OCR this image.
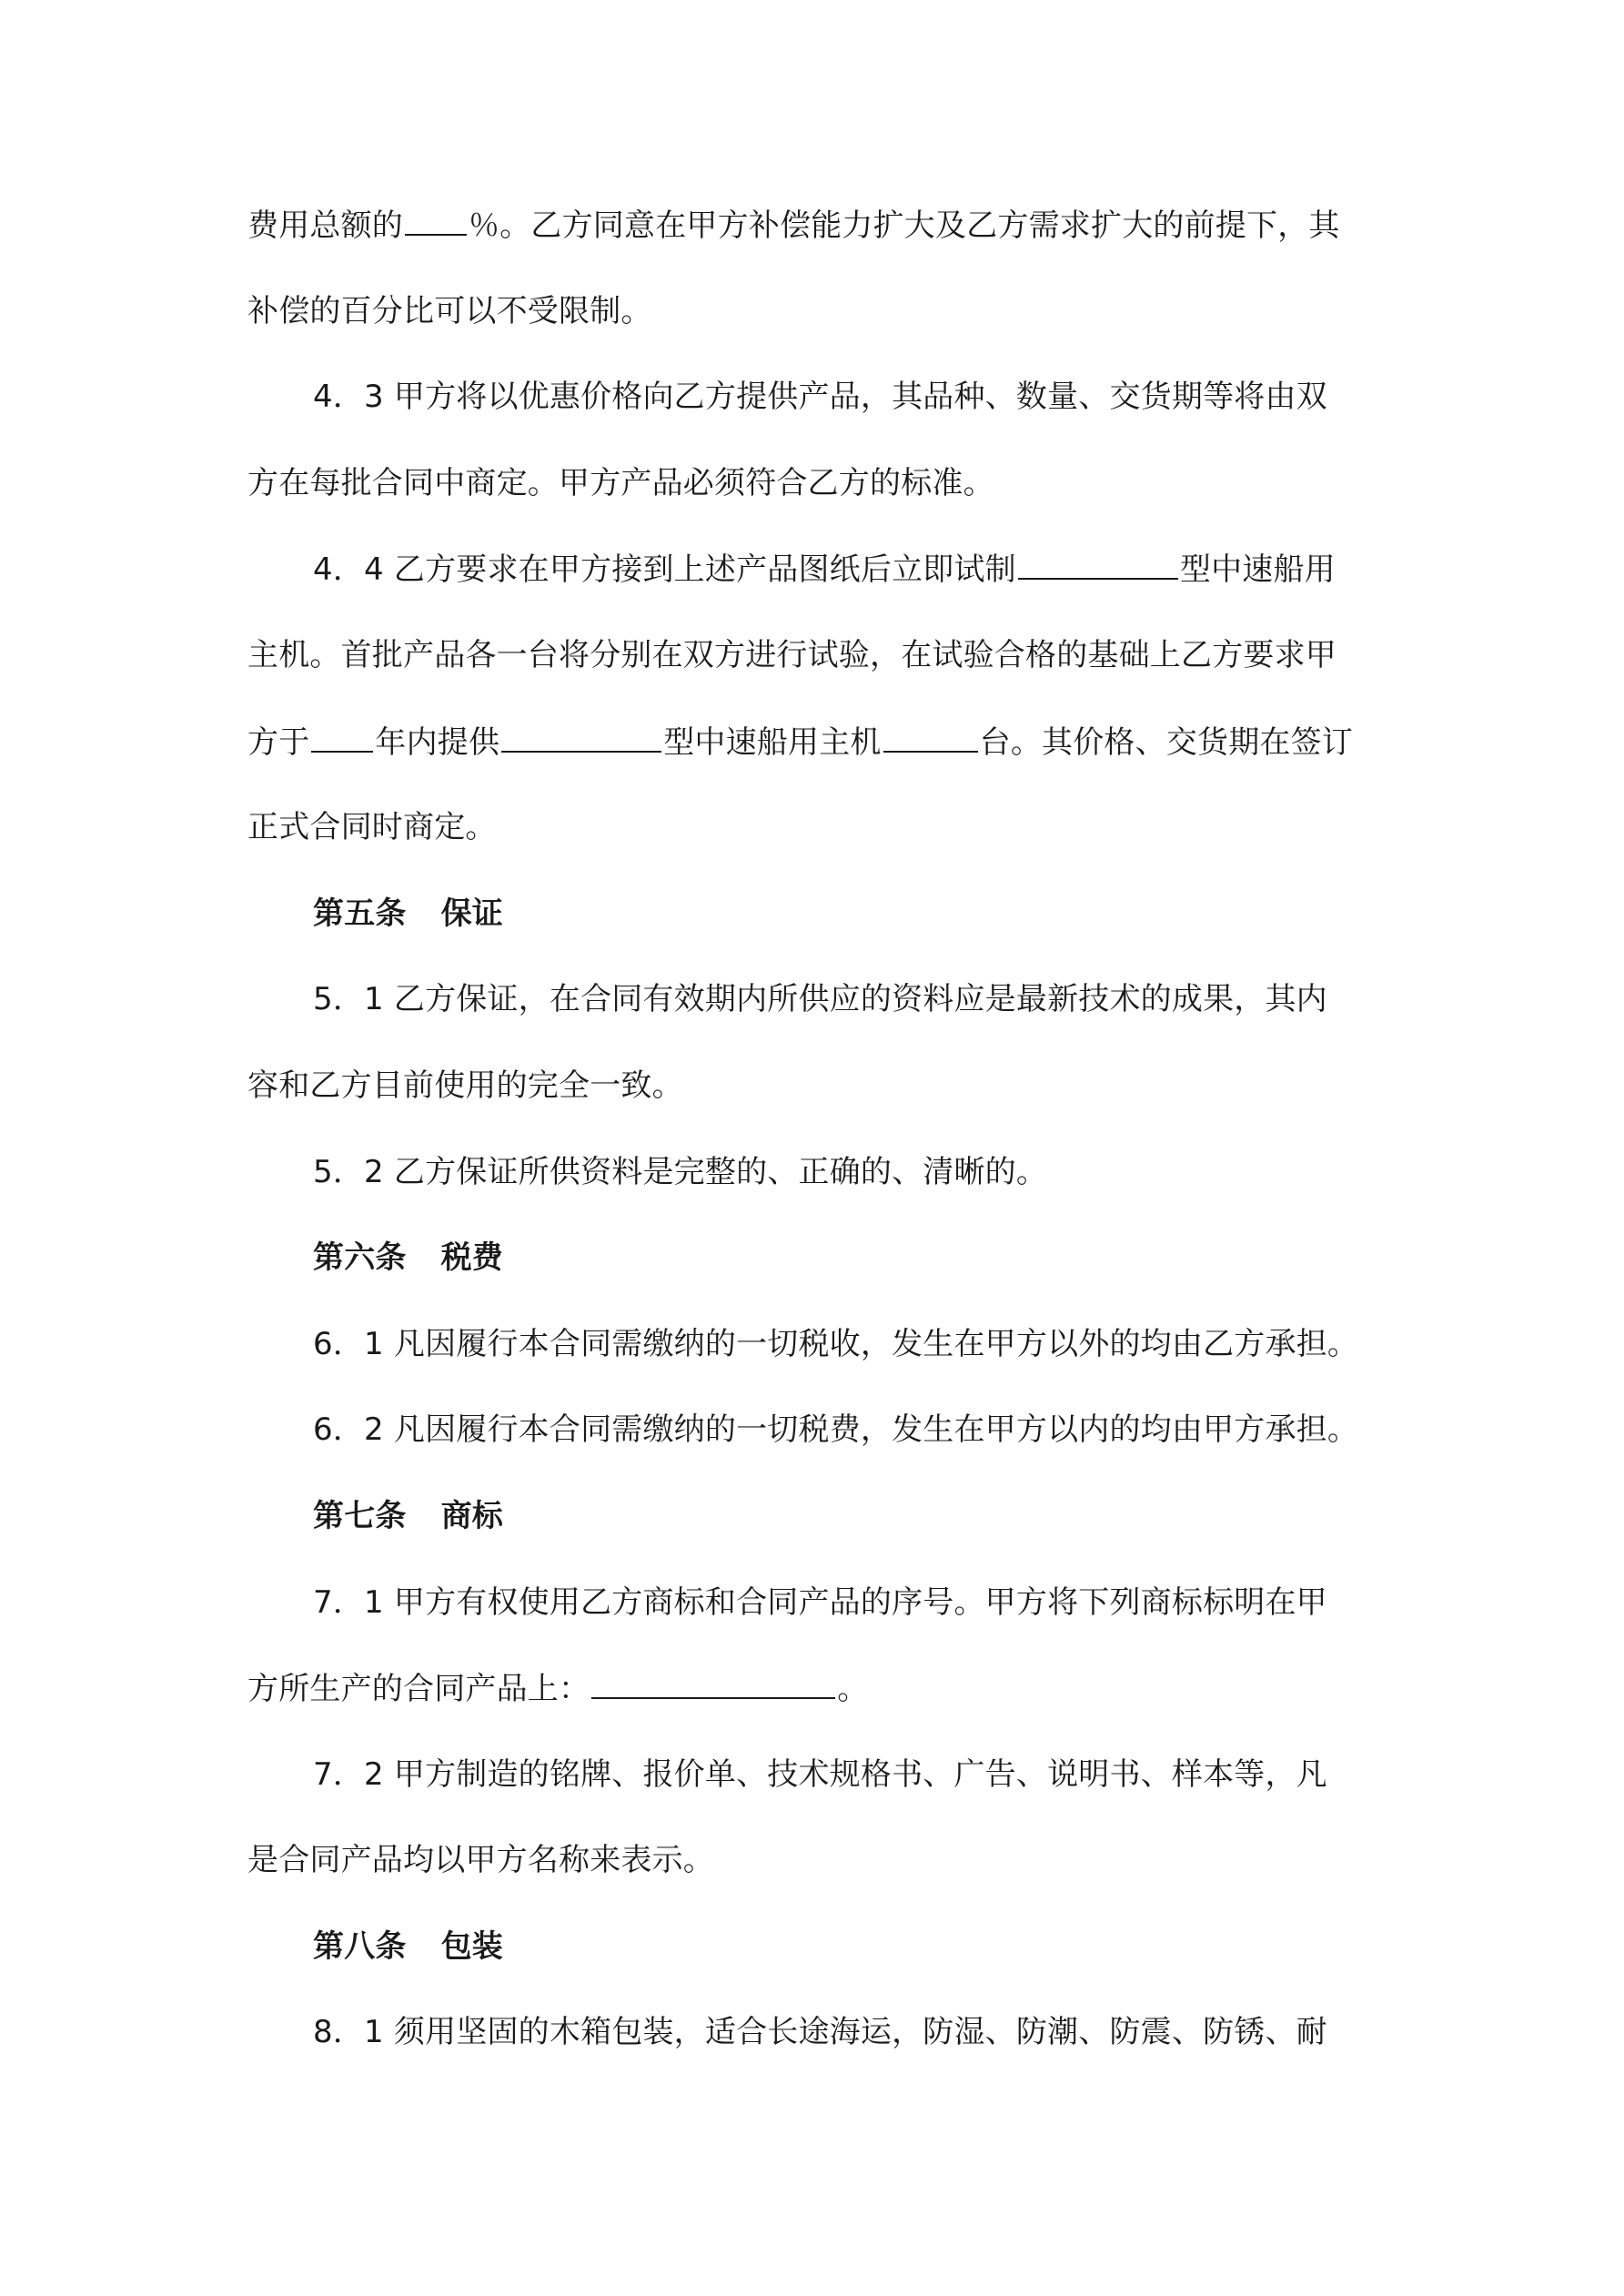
费用总额的 ％。乙方同意在甲方补偿能力扩大及乙方需求扩大的前提下，其
补偿的百分比可以不受限制。
4．3 甲方将以优惠价格向乙方提供产品，其品种、数量、交货期等将由双
方在每批合同中商定。甲方产品必须符合乙方的标准。
4．4 乙方要求在甲方接到上述产品图纸后立即试制	型中速船用
主机。首批产品各一台将分别在双方进行试验，在试验合格的基础上乙方要求甲
方于 年内提供	型中速船用主机	台。其价格、交货期在签订
正式合同时商定。
第五条 保证
5．1 乙方保证，在合同有效期内所供应的资料应是最新技术的成果，其内
容和乙方目前使用的完全一致。
5．2 乙方保证所供资料是完整的、正确的、清晰的。
第六条 税费
6．1 凡因履行本合同需缴纳的一切税收，发生在甲方以外的均由乙方承担。
6．2 凡因履行本合同需缴纳的一切税费，发生在甲方以内的均由甲方承担。
第七条 商标
7．1 甲方有权使用乙方商标和合同产品的序号。甲方将下列商标标明在甲
方所生产的合同产品上：	。
7．2 甲方制造的铭牌、报价单、技术规格书、广告、说明书、样本等，凡
是合同产品均以甲方名称来表示。
第八条 包装
8．1 须用坚固的木箱包装，适合长途海运，防湿、防潮、防震、防锈、耐
